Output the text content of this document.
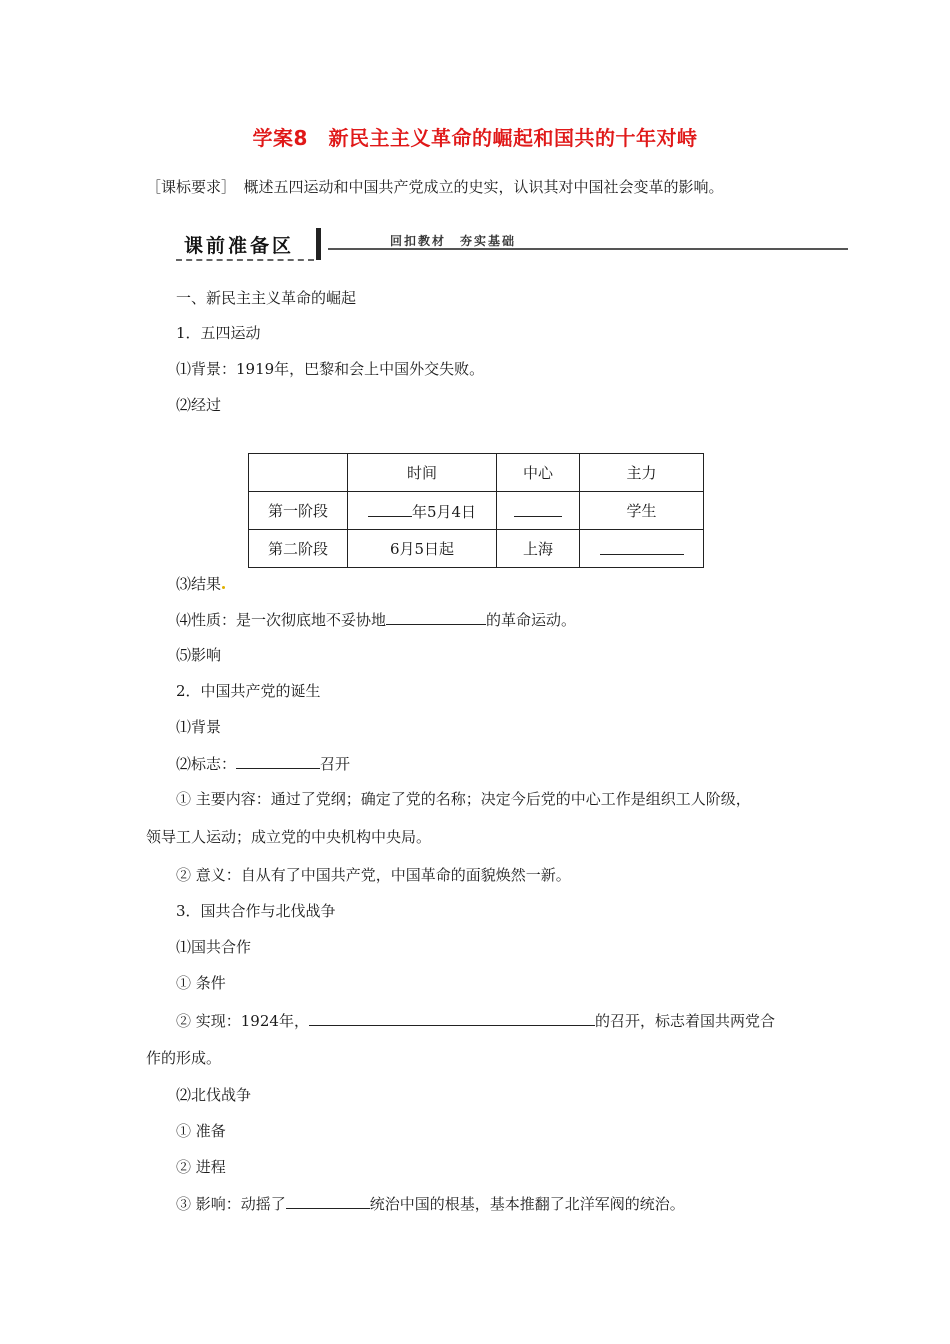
学案8　新民主主义革命的崛起和国共的十年对峙
［课标要求］　概述五四运动和中国共产党成立的史实，认识其对中国社会变革的影响。
课前准备区	回扣教材　夯实基础
一、新民主主义革命的崛起
1．五四运动
⑴背景：1919年，巴黎和会上中国外交失败。
⑵经过
	时间	中心	主力
第一阶段	年5月4日		学生
第二阶段	6月5日起	上海	
⑶结果
⑷性质：是一次彻底地不妥协地	的革命运动。
⑸影响
2．中国共产党的诞生
⑴背景
⑵标志：	召开
① 主要内容：通过了党纲；确定了党的名称；决定今后党的中心工作是组织工人阶级，
领导工人运动；成立党的中央机构中央局。
② 意义：自从有了中国共产党，中国革命的面貌焕然一新。
3．国共合作与北伐战争
⑴国共合作
① 条件
② 实现：1924年，	的召开，标志着国共两党合
作的形成。
⑵北伐战争
① 准备
② 进程
③ 影响：动摇了	统治中国的根基，基本推翻了北洋军阀的统治。
